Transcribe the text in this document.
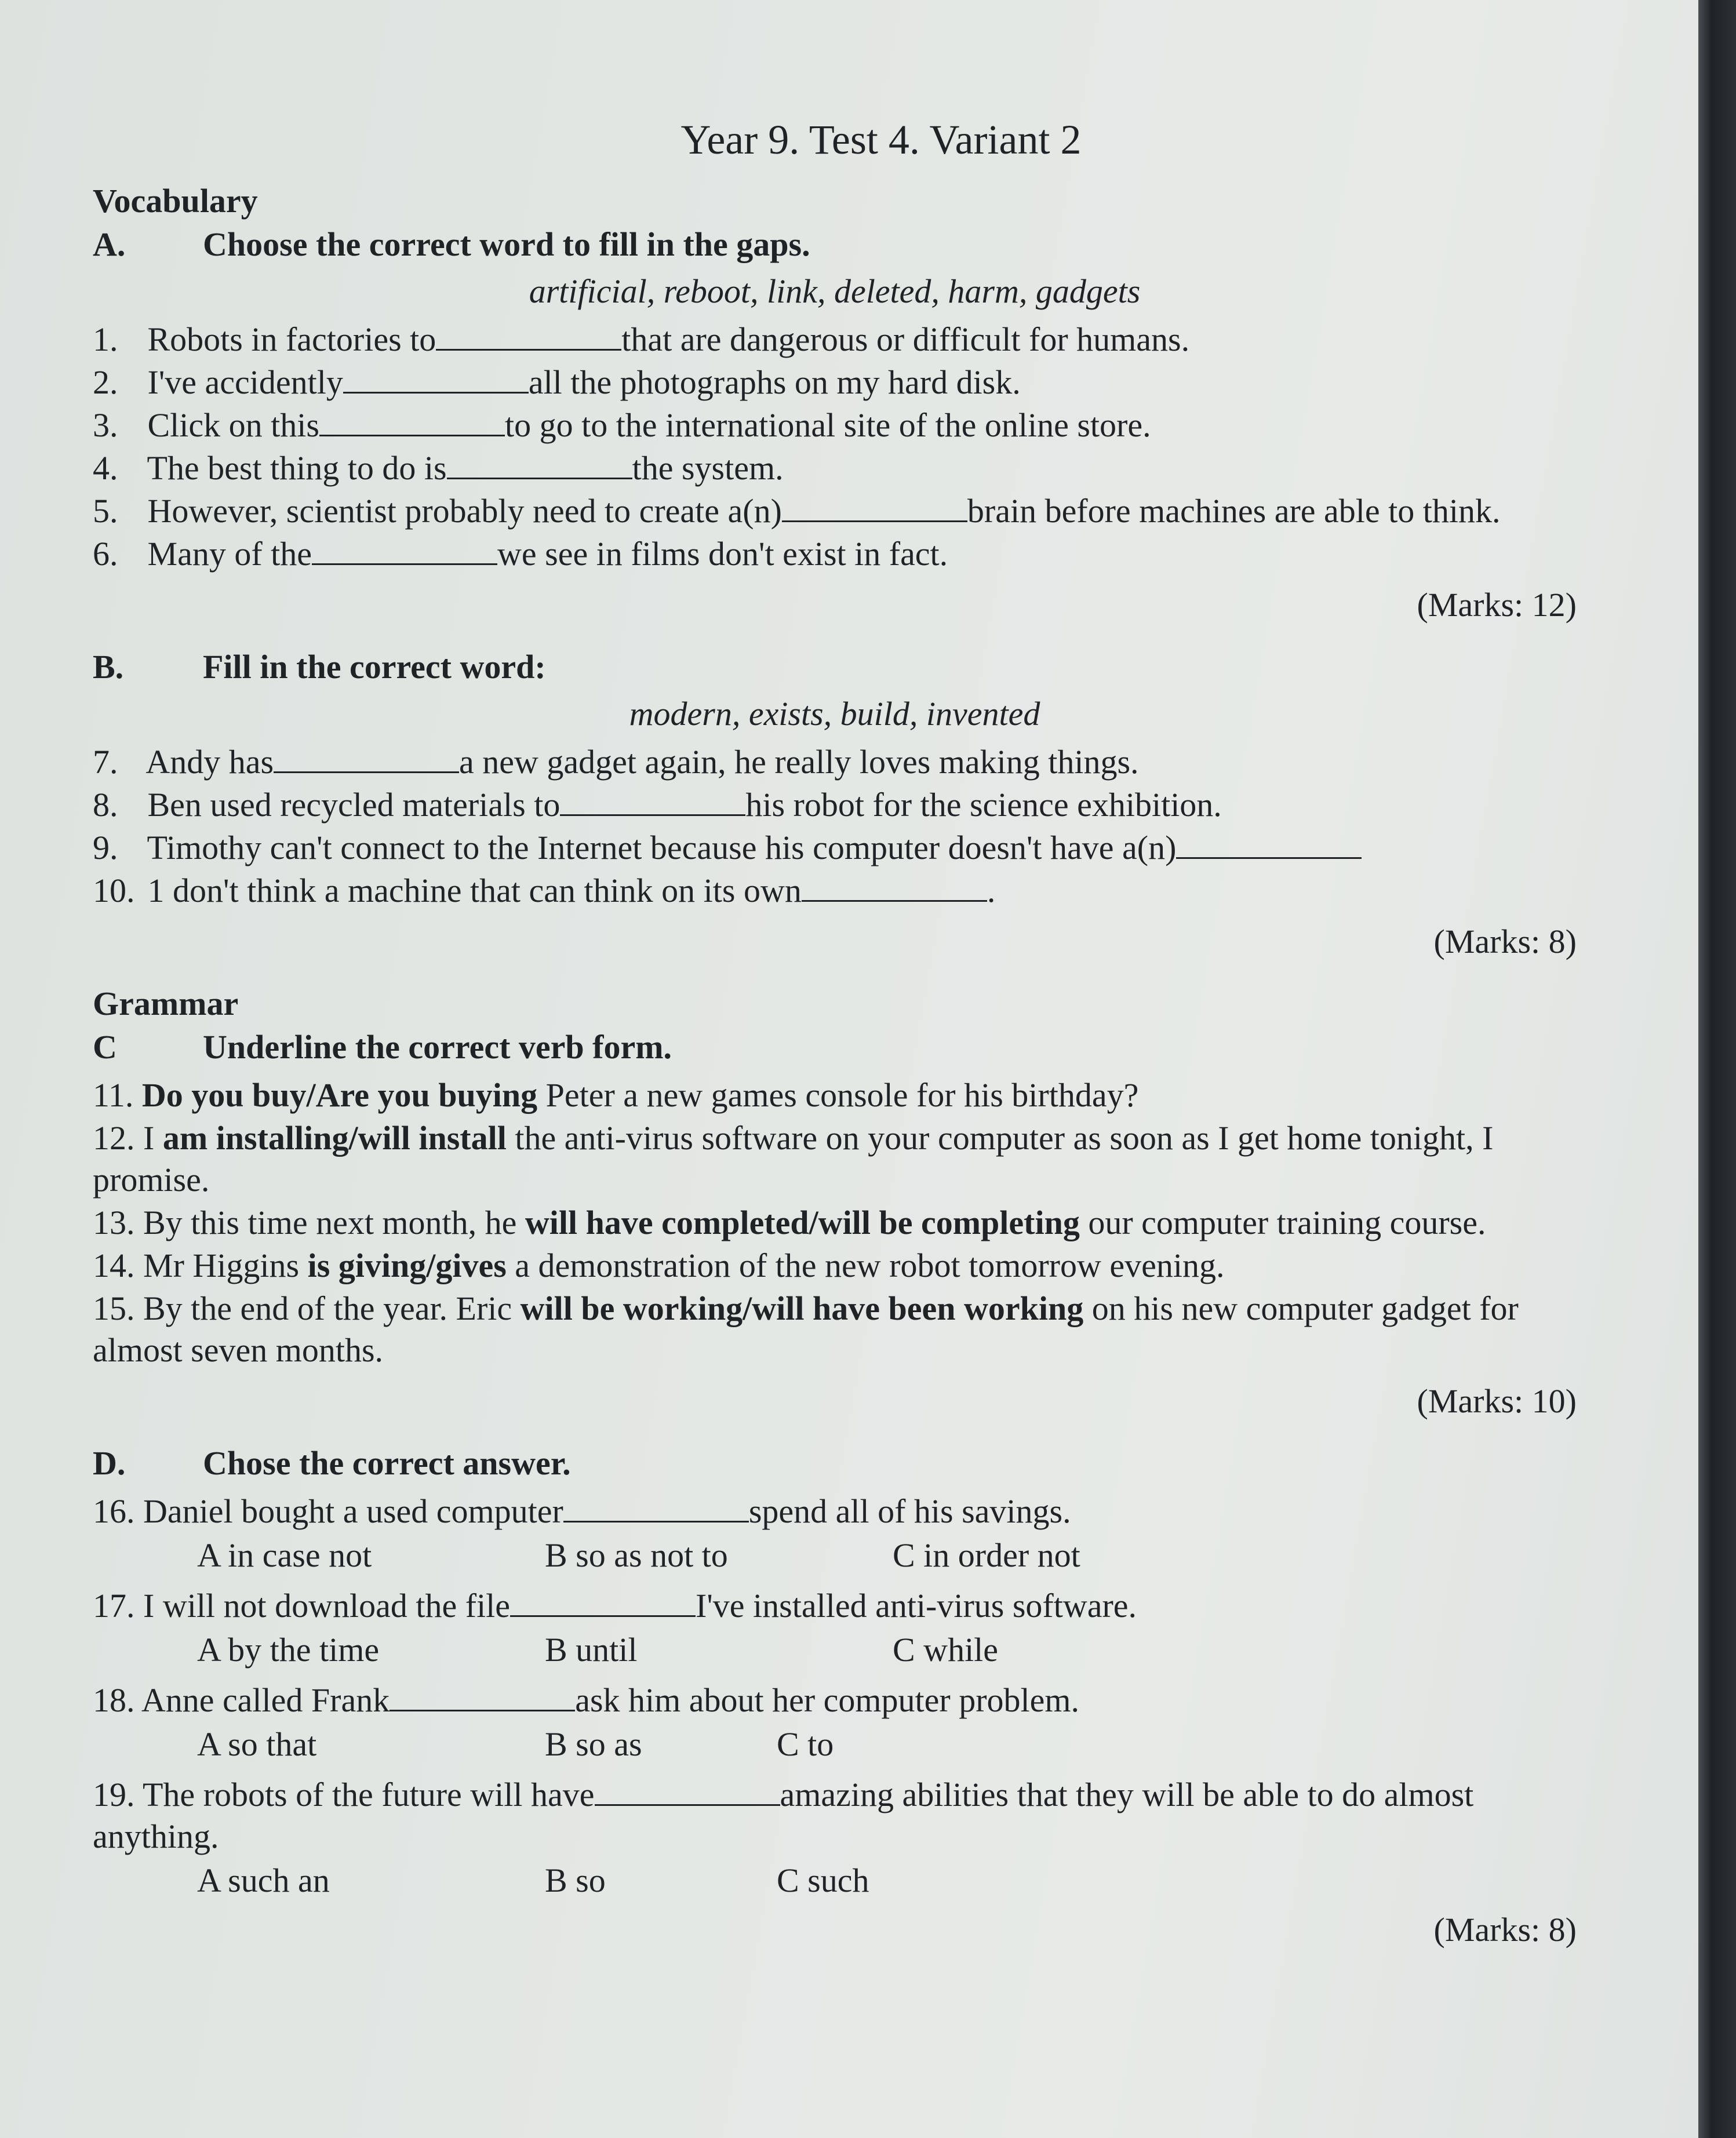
Year 9. Test 4. Variant 2
Vocabulary
A.	Choose the correct word to fill in the gaps.
artificial, reboot, link, deleted, harm, gadgets
1. Robots in factories to	that are dangerous or difficult for humans.
2. I've accidently	all the photographs on my hard disk.
3. Click on this	to go to the international site of the online store.
4. The best thing to do is	the system.
5. However, scientist probably need to create a(n)	brain before machines are able to think.
6. Many of the	we see in films don't exist in fact.
(Marks: 12)
B.	Fill in the correct word:
modern, exists, build, invented
7. Andy has	a new gadget again, he really loves making things.
8. Ben used recycled materials to	his robot for the science exhibition.
9. Timothy can't connect to the Internet because his computer doesn't have a(n)
10. 1 don't think a machine that can think on its own	.
(Marks: 8)
Grammar
C	Underline the correct verb form.
11. Do you buy/Are you buying Peter a new games console for his birthday?
12. I am installing/will install the anti-virus software on your computer as soon as I get home tonight, I promise.
13. By this time next month, he will have completed/will be completing our computer training course.
14. Mr Higgins is giving/gives a demonstration of the new robot tomorrow evening.
15. By the end of the year. Eric will be working/will have been working on his new computer gadget for almost seven months.
(Marks: 10)
D.	Chose the correct answer.
16. Daniel bought a used computer	spend all of his savings.
A in case not	B so as not to	C in order not
17. I will not download the file	I've installed anti-virus software.
A by the time	B until	C while
18. Anne called Frank	ask him about her computer problem.
A so that	B so as	C to
19. The robots of the future will have	amazing abilities that they will be able to do almost anything.
A such an	B so	C such
(Marks: 8)
